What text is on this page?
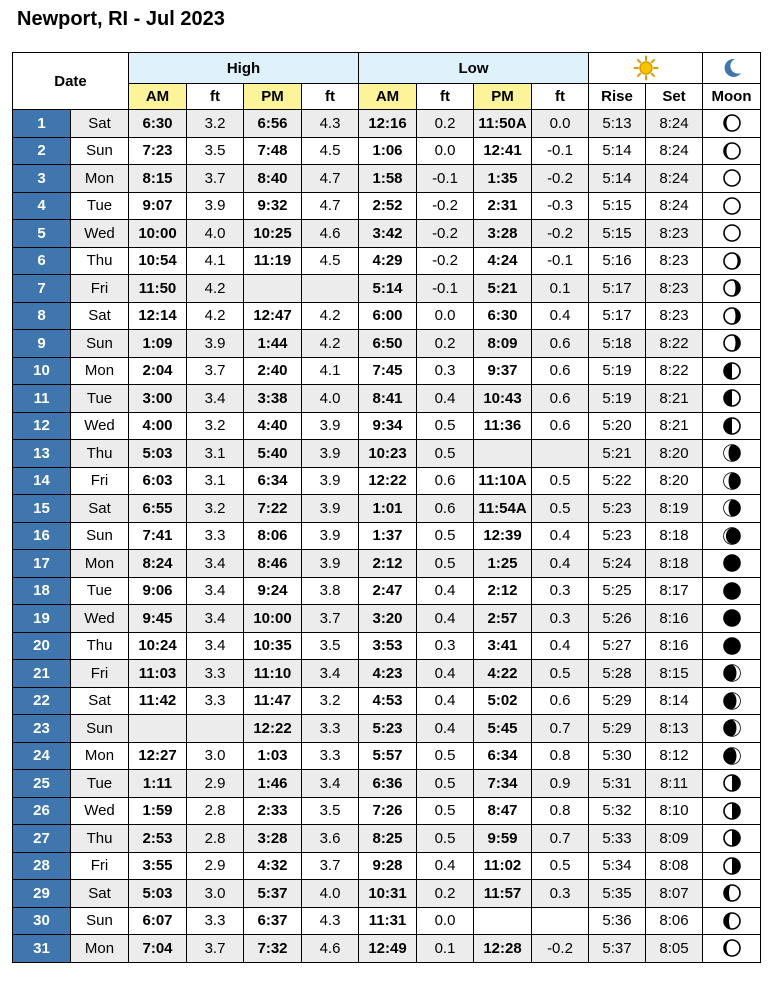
Newport, RI - Jul 2023
Date		High				Low	

		AM	ft	PM	ft	AM	ft	PM	ft	Rise	Set	Moon
1	Sat	6:30	3.2	6:56	4.3	12:16	0.2	11:50A	0.0	5:13	8:24	

2	Sun	7:23	3.5	7:48	4.5	1:06	0.0	12:41	-0.1	5:14	8:24	

3	Mon	8:15	3.7	8:40	4.7	1:58	-0.1	1:35	-0.2	5:14	8:24	

4	Tue	9:07	3.9	9:32	4.7	2:52	-0.2	2:31	-0.3	5:15	8:24	

5	Wed	10:00	4.0	10:25	4.6	3:42	-0.2	3:28	-0.2	5:15	8:23	

6	Thu	10:54	4.1	11:19	4.5	4:29	-0.2	4:24	-0.1	5:16	8:23	

7	Fri	11:50	4.2			5:14	-0.1	5:21	0.1	5:17	8:23	

8	Sat	12:14	4.2	12:47	4.2	6:00	0.0	6:30	0.4	5:17	8:23	

9	Sun	1:09	3.9	1:44	4.2	6:50	0.2	8:09	0.6	5:18	8:22	

10	Mon	2:04	3.7	2:40	4.1	7:45	0.3	9:37	0.6	5:19	8:22	

11	Tue	3:00	3.4	3:38	4.0	8:41	0.4	10:43	0.6	5:19	8:21	

12	Wed	4:00	3.2	4:40	3.9	9:34	0.5	11:36	0.6	5:20	8:21	

13	Thu	5:03	3.1	5:40	3.9	10:23	0.5			5:21	8:20	

14	Fri	6:03	3.1	6:34	3.9	12:22	0.6	11:10A	0.5	5:22	8:20	

15	Sat	6:55	3.2	7:22	3.9	1:01	0.6	11:54A	0.5	5:23	8:19	

16	Sun	7:41	3.3	8:06	3.9	1:37	0.5	12:39	0.4	5:23	8:18	

17	Mon	8:24	3.4	8:46	3.9	2:12	0.5	1:25	0.4	5:24	8:18	

18	Tue	9:06	3.4	9:24	3.8	2:47	0.4	2:12	0.3	5:25	8:17	

19	Wed	9:45	3.4	10:00	3.7	3:20	0.4	2:57	0.3	5:26	8:16	

20	Thu	10:24	3.4	10:35	3.5	3:53	0.3	3:41	0.4	5:27	8:16	

21	Fri	11:03	3.3	11:10	3.4	4:23	0.4	4:22	0.5	5:28	8:15	

22	Sat	11:42	3.3	11:47	3.2	4:53	0.4	5:02	0.6	5:29	8:14	

23	Sun			12:22	3.3	5:23	0.4	5:45	0.7	5:29	8:13	

24	Mon	12:27	3.0	1:03	3.3	5:57	0.5	6:34	0.8	5:30	8:12	

25	Tue	1:11	2.9	1:46	3.4	6:36	0.5	7:34	0.9	5:31	8:11	

26	Wed	1:59	2.8	2:33	3.5	7:26	0.5	8:47	0.8	5:32	8:10	

27	Thu	2:53	2.8	3:28	3.6	8:25	0.5	9:59	0.7	5:33	8:09	

28	Fri	3:55	2.9	4:32	3.7	9:28	0.4	11:02	0.5	5:34	8:08	

29	Sat	5:03	3.0	5:37	4.0	10:31	0.2	11:57	0.3	5:35	8:07	

30	Sun	6:07	3.3	6:37	4.3	11:31	0.0			5:36	8:06	

31	Mon	7:04	3.7	7:32	4.6	12:49	0.1	12:28	-0.2	5:37	8:05	
